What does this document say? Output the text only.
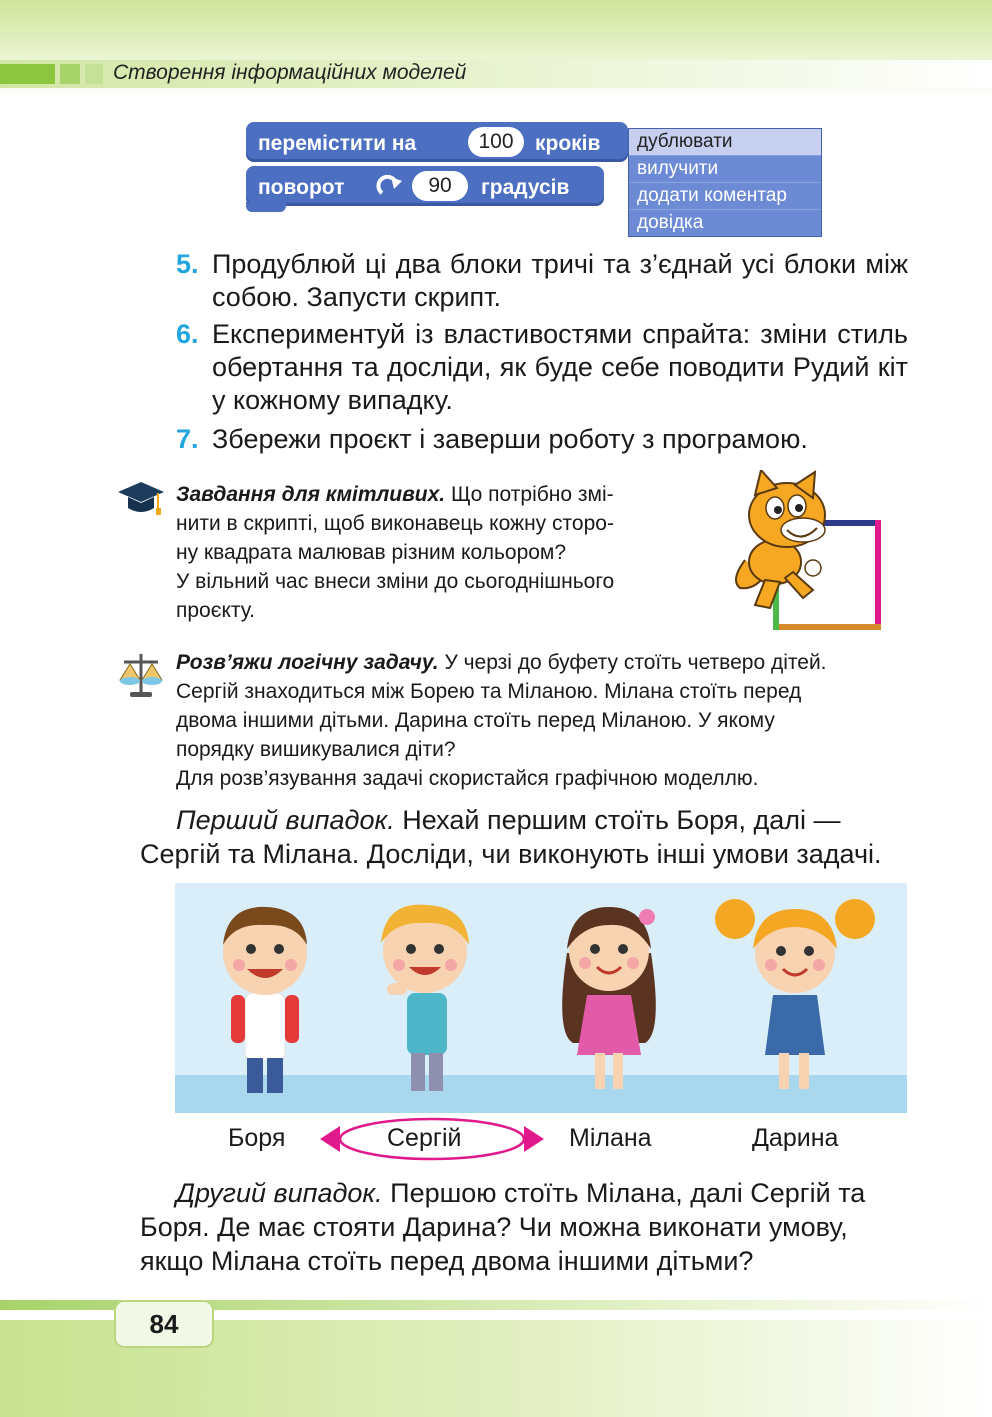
Створення інформаційних моделей
перемістити на	100	кроків
поворот	90	градусів
дублювати
вилучити
додати коментар
довідка
5. Продублюй ці два блоки тричі та з’єднай усі блоки між собою. Запусти скрипт.
6. Експериментуй із властивостями спрайта: зміни стиль обертання та досліди, як буде себе поводити Рудий кіт у кожному випадку.
7. Збережи проєкт і заверши роботу з програмою.
Завдання для кмітливих. Що потрібно змі-
нити в скрипті, щоб виконавець кожну сторо-
ну квадрата малював різним кольором?
У вільний час внеси зміни до сьогоднішнього
проєкту.
Розв’яжи логічну задачу. У черзі до буфету стоїть четверо дітей.
Сергій знаходиться між Борею та Міланою. Мілана стоїть перед
двома іншими дітьми. Дарина стоїть перед Міланою. У якому
порядку вишикувалися діти?
Для розв’язування задачі скористайся графічною моделлю.
Перший випадок. Нехай першим стоїть Боря, далі —
Сергій та Мілана. Досліди, чи виконують інші умови задачі.
Боря	Сергій	Мілана	Дарина
Другий випадок. Першою стоїть Мілана, далі Сергій та
Боря. Де має стояти Дарина? Чи можна виконати умову,
якщо Мілана стоїть перед двома іншими дітьми?
84
